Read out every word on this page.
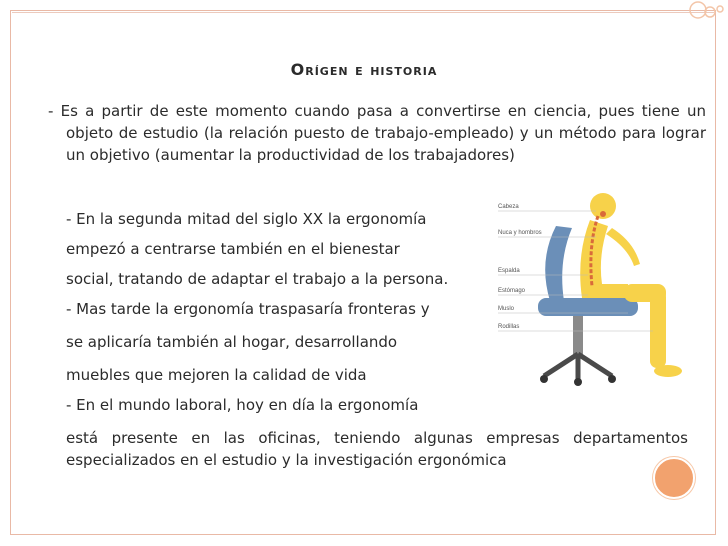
Orígen e historia
- Es a partir de este momento cuando pasa a convertirse en ciencia, pues tiene un objeto de estudio (la relación puesto de trabajo-empleado) y un método para lograr un objetivo (aumentar la productividad de los trabajadores)
- En la segunda mitad del siglo XX la ergonomía
empezó a centrarse también en el bienestar
social, tratando de adaptar el trabajo a la persona.
- Mas tarde la ergonomía traspasaría fronteras y
se aplicaría también al hogar, desarrollando
muebles que mejoren la calidad de vida
- En el mundo laboral, hoy en día la ergonomía
está presente en las oficinas, teniendo algunas empresas departamentos especializados en el estudio y la investigación ergonómica
Cabeza
Nuca y hombros
Espalda
Estómago
Muslo
Rodillas
